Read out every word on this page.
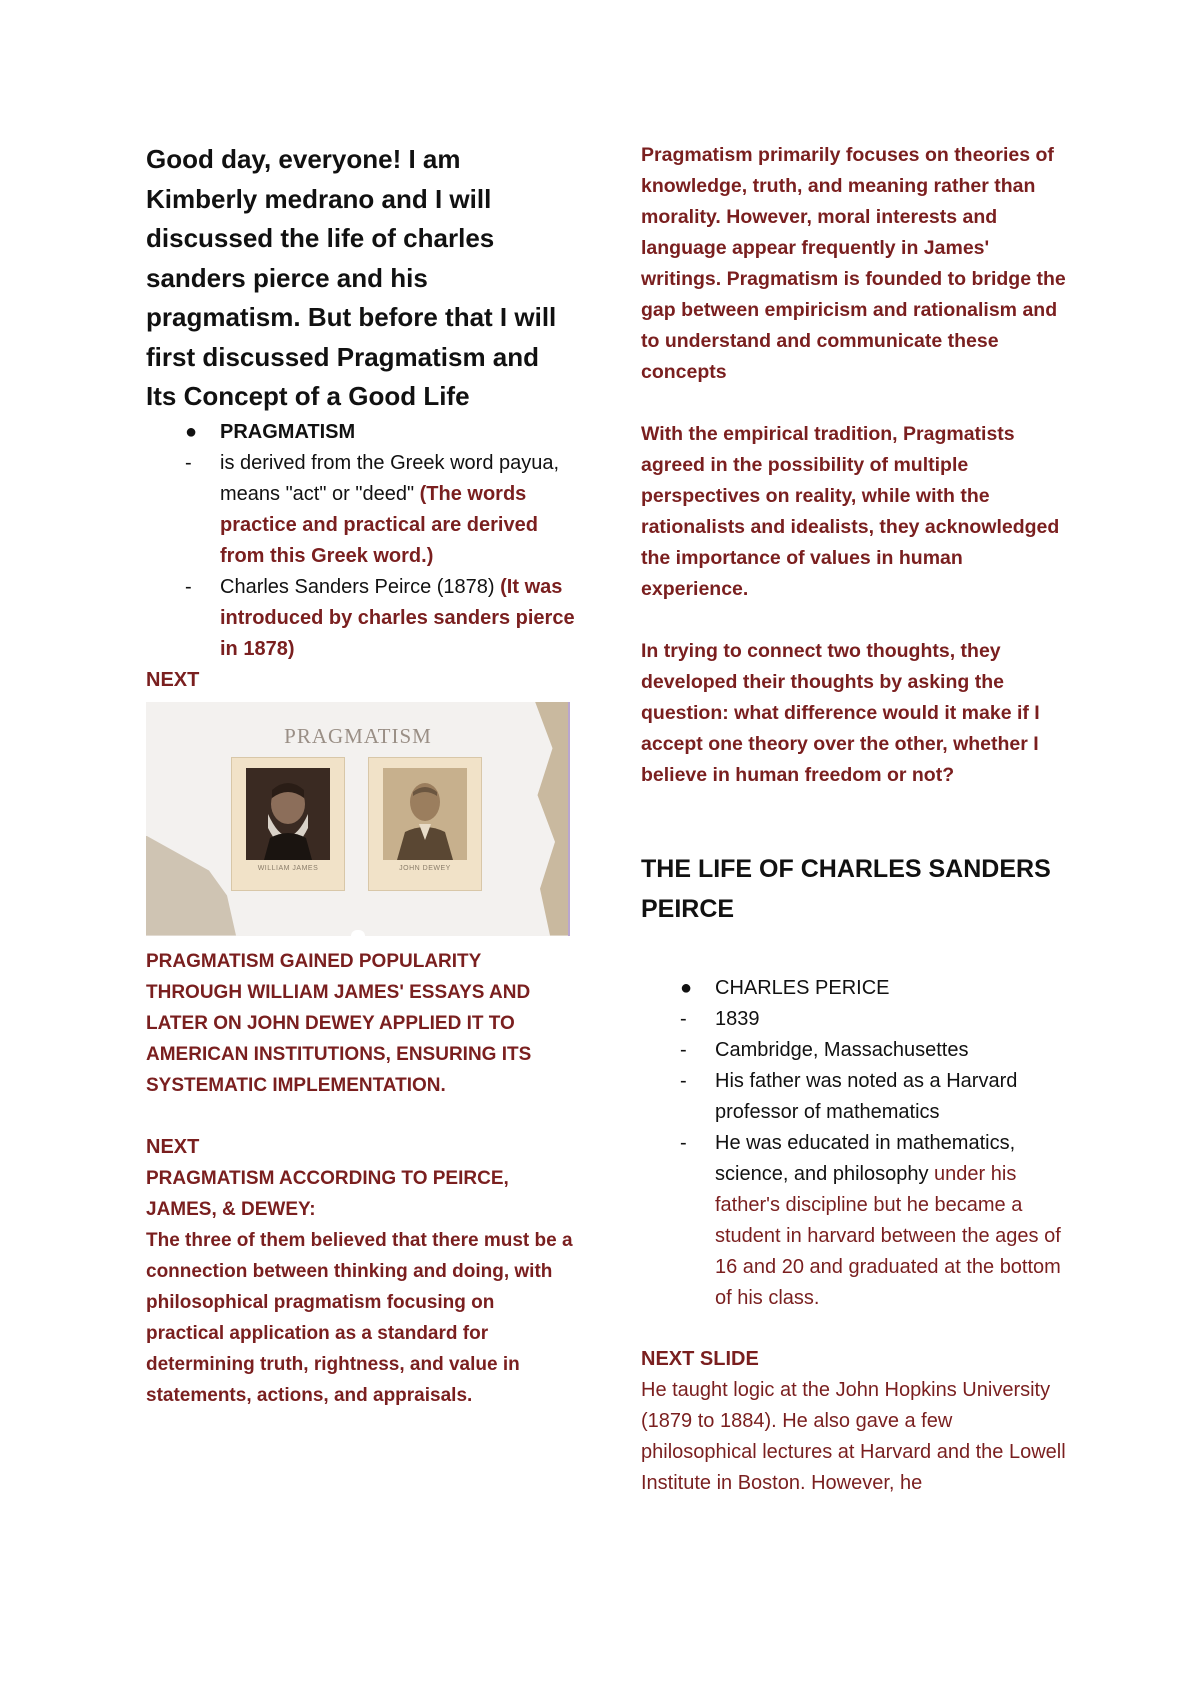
Good day, everyone! I am Kimberly medrano and I will discussed the life of charles sanders pierce and his pragmatism. But before that I will first discussed Pragmatism and Its Concept of a Good Life

● PRAGMATISM
- is derived from the Greek word payua, means "act" or "deed" (The words practice and practical are derived from this Greek word.)
- Charles Sanders Peirce (1878) (It was introduced by charles sanders pierce in 1878)
NEXT
PRAGMATISM
WILLIAM JAMES	JOHN DEWEY

PRAGMATISM GAINED POPULARITY THROUGH WILLIAM JAMES' ESSAYS AND LATER ON JOHN DEWEY APPLIED IT TO AMERICAN INSTITUTIONS, ENSURING ITS SYSTEMATIC IMPLEMENTATION.

NEXT

PRAGMATISM ACCORDING TO PEIRCE, JAMES, & DEWEY:

The three of them believed that there must be a connection between thinking and doing, with philosophical pragmatism focusing on practical application as a standard for determining truth, rightness, and value in statements, actions, and appraisals.

Pragmatism primarily focuses on theories of knowledge, truth, and meaning rather than morality. However, moral interests and language appear frequently in James' writings. Pragmatism is founded to bridge the gap between empiricism and rationalism and to understand and communicate these concepts

With the empirical tradition, Pragmatists agreed in the possibility of multiple perspectives on reality, while with the rationalists and idealists, they acknowledged the importance of values in human experience.

In trying to connect two thoughts, they developed their thoughts by asking the question: what difference would it make if I accept one theory over the other, whether I believe in human freedom or not?

THE LIFE OF CHARLES SANDERS PEIRCE

● CHARLES PERICE
- 1839
- Cambridge, Massachusettes
- His father was noted as a Harvard professor of mathematics
- He was educated in mathematics, science, and philosophy under his father's discipline but he became a student in harvard between the ages of 16 and 20 and graduated at the bottom of his class.
NEXT SLIDE

He taught logic at the John Hopkins University (1879 to 1884). He also gave a few philosophical lectures at Harvard and the Lowell Institute in Boston. However, he
